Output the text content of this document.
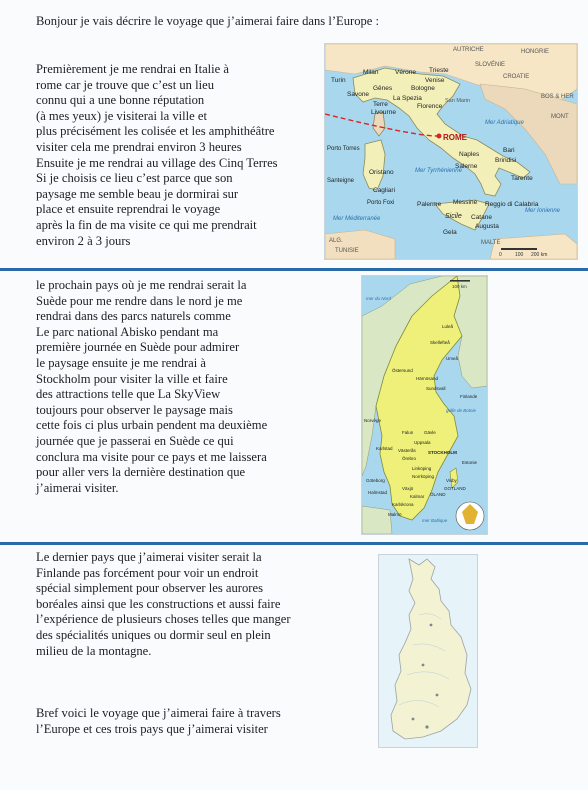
Bonjour je vais décrire le voyage que j’aimerai faire dans l’Europe :

Premièrement je me rendrai en Italie à
rome car je trouve que c’est un lieu
connu qui a une bonne réputation
(à mes yeux) je visiterai la ville et
plus précisément les colisée et les amphithéâtre
visiter cela me prendrai environ 3 heures
Ensuite je me rendrai au village des Cinq Terres
Si je choisis ce lieu c’est parce que son
paysage me semble beau je dormirai sur
place et ensuite reprendrai le voyage
après la fin de ma visite ce qui me prendrait
environ 2 à 3 jours
AUTRICHE	HONGRIE
SLOVÉNIE
CROATIE
BOS & HER
MONT
ALG.
TUNISIE
MALTE
Mer Adriatique
Mer Tyrrhénienne
Mer Méditerranée
Mer Ionienne
Milan	Vérone Trieste
Venise
Turin
Gênes	Bologne
Savone
La Spezia
Terre	Florence
Livourne
San Marin
ROME
Porto Torres
Naples
Bari
Brindisi
Salerne
Tarente
Oristano
Santeigne
Cagliari
Porto Foxi	Palerme Messine Reggio di Calabria
Sicile Catane
Augusta
Gela
0	100 200 km
le prochain pays où je me rendrai serait la
Suède pour me rendre dans le nord je me
rendrai dans des parcs naturels comme
Le parc national Abisko pendant ma
première journée en Suède pour admirer
le paysage ensuite je me rendrai à
Stockholm pour visiter la ville et faire
des attractions telle que La SkyView
toujours pour observer le paysage mais
cette fois ci plus urbain pendent ma deuxième
journée que je passerai en Suède ce qui
conclura ma visite pour ce pays et me laissera
pour aller vers la dernière destination que
j’aimerai visiter.
100 km
mer du Nord
Luleå
Skellefteå
Umeå
Östersund
Härnösand
Sundsvall
Finlande
golfe de Botnie
Norvège
Falun Gävle
Uppsala
Karlstad Västerås	STOCKHOLM
Örebro
Estonie
Linköping
Norrköping
Visby
GOTLAND
Göteborg
Växjö
ÖLAND
Kalmar
Karlskrona
Malmö
Halmstad
mer Baltique
Le dernier pays que j’aimerai visiter serait la
Finlande pas forcément pour voir un endroit
spécial simplement pour observer les aurores
boréales ainsi que les constructions et aussi faire
l’expérience de plusieurs choses telles que manger
des spécialités uniques ou dormir seul en plein
milieu de la montagne.
Bref voici le voyage que j’aimerai faire à travers
l’Europe et ces trois pays que j’aimerai visiter
